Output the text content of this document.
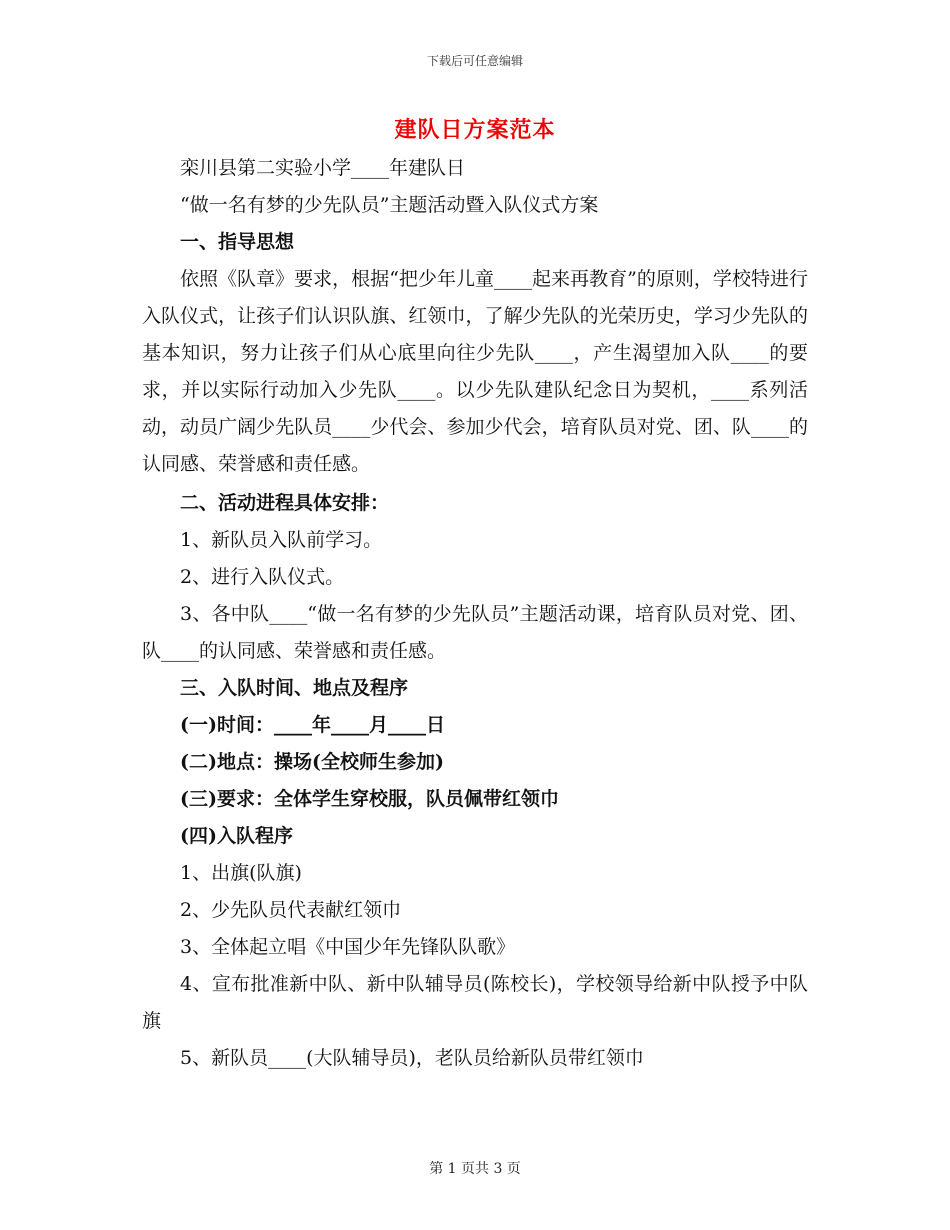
下载后可任意编辑
建队日方案范本

栾川县第二实验小学____年建队日

“做一名有梦的少先队员”主题活动暨入队仪式方案

一、指导思想

依照《队章》要求，根据“把少年儿童____起来再教育”的原则，学校特进行入队仪式，让孩子们认识队旗、红领巾，了解少先队的光荣历史，学习少先队的基本知识，努力让孩子们从心底里向往少先队____，产生渴望加入队____的要求，并以实际行动加入少先队____。以少先队建队纪念日为契机，____系列活动，动员广阔少先队员____少代会、参加少代会，培育队员对党、团、队____的认同感、荣誉感和责任感。

二、活动进程具体安排：

1、新队员入队前学习。

2、进行入队仪式。

3、各中队____“做一名有梦的少先队员”主题活动课，培育队员对党、团、队____的认同感、荣誉感和责任感。

三、入队时间、地点及程序

(一)时间：____年____月____日

(二)地点：操场(全校师生参加)

(三)要求：全体学生穿校服，队员佩带红领巾

(四)入队程序

1、出旗(队旗)

2、少先队员代表献红领巾

3、全体起立唱《中国少年先锋队队歌》

4、宣布批准新中队、新中队辅导员(陈校长)，学校领导给新中队授予中队旗

5、新队员____(大队辅导员)，老队员给新队员带红领巾

第 1 页共 3 页
